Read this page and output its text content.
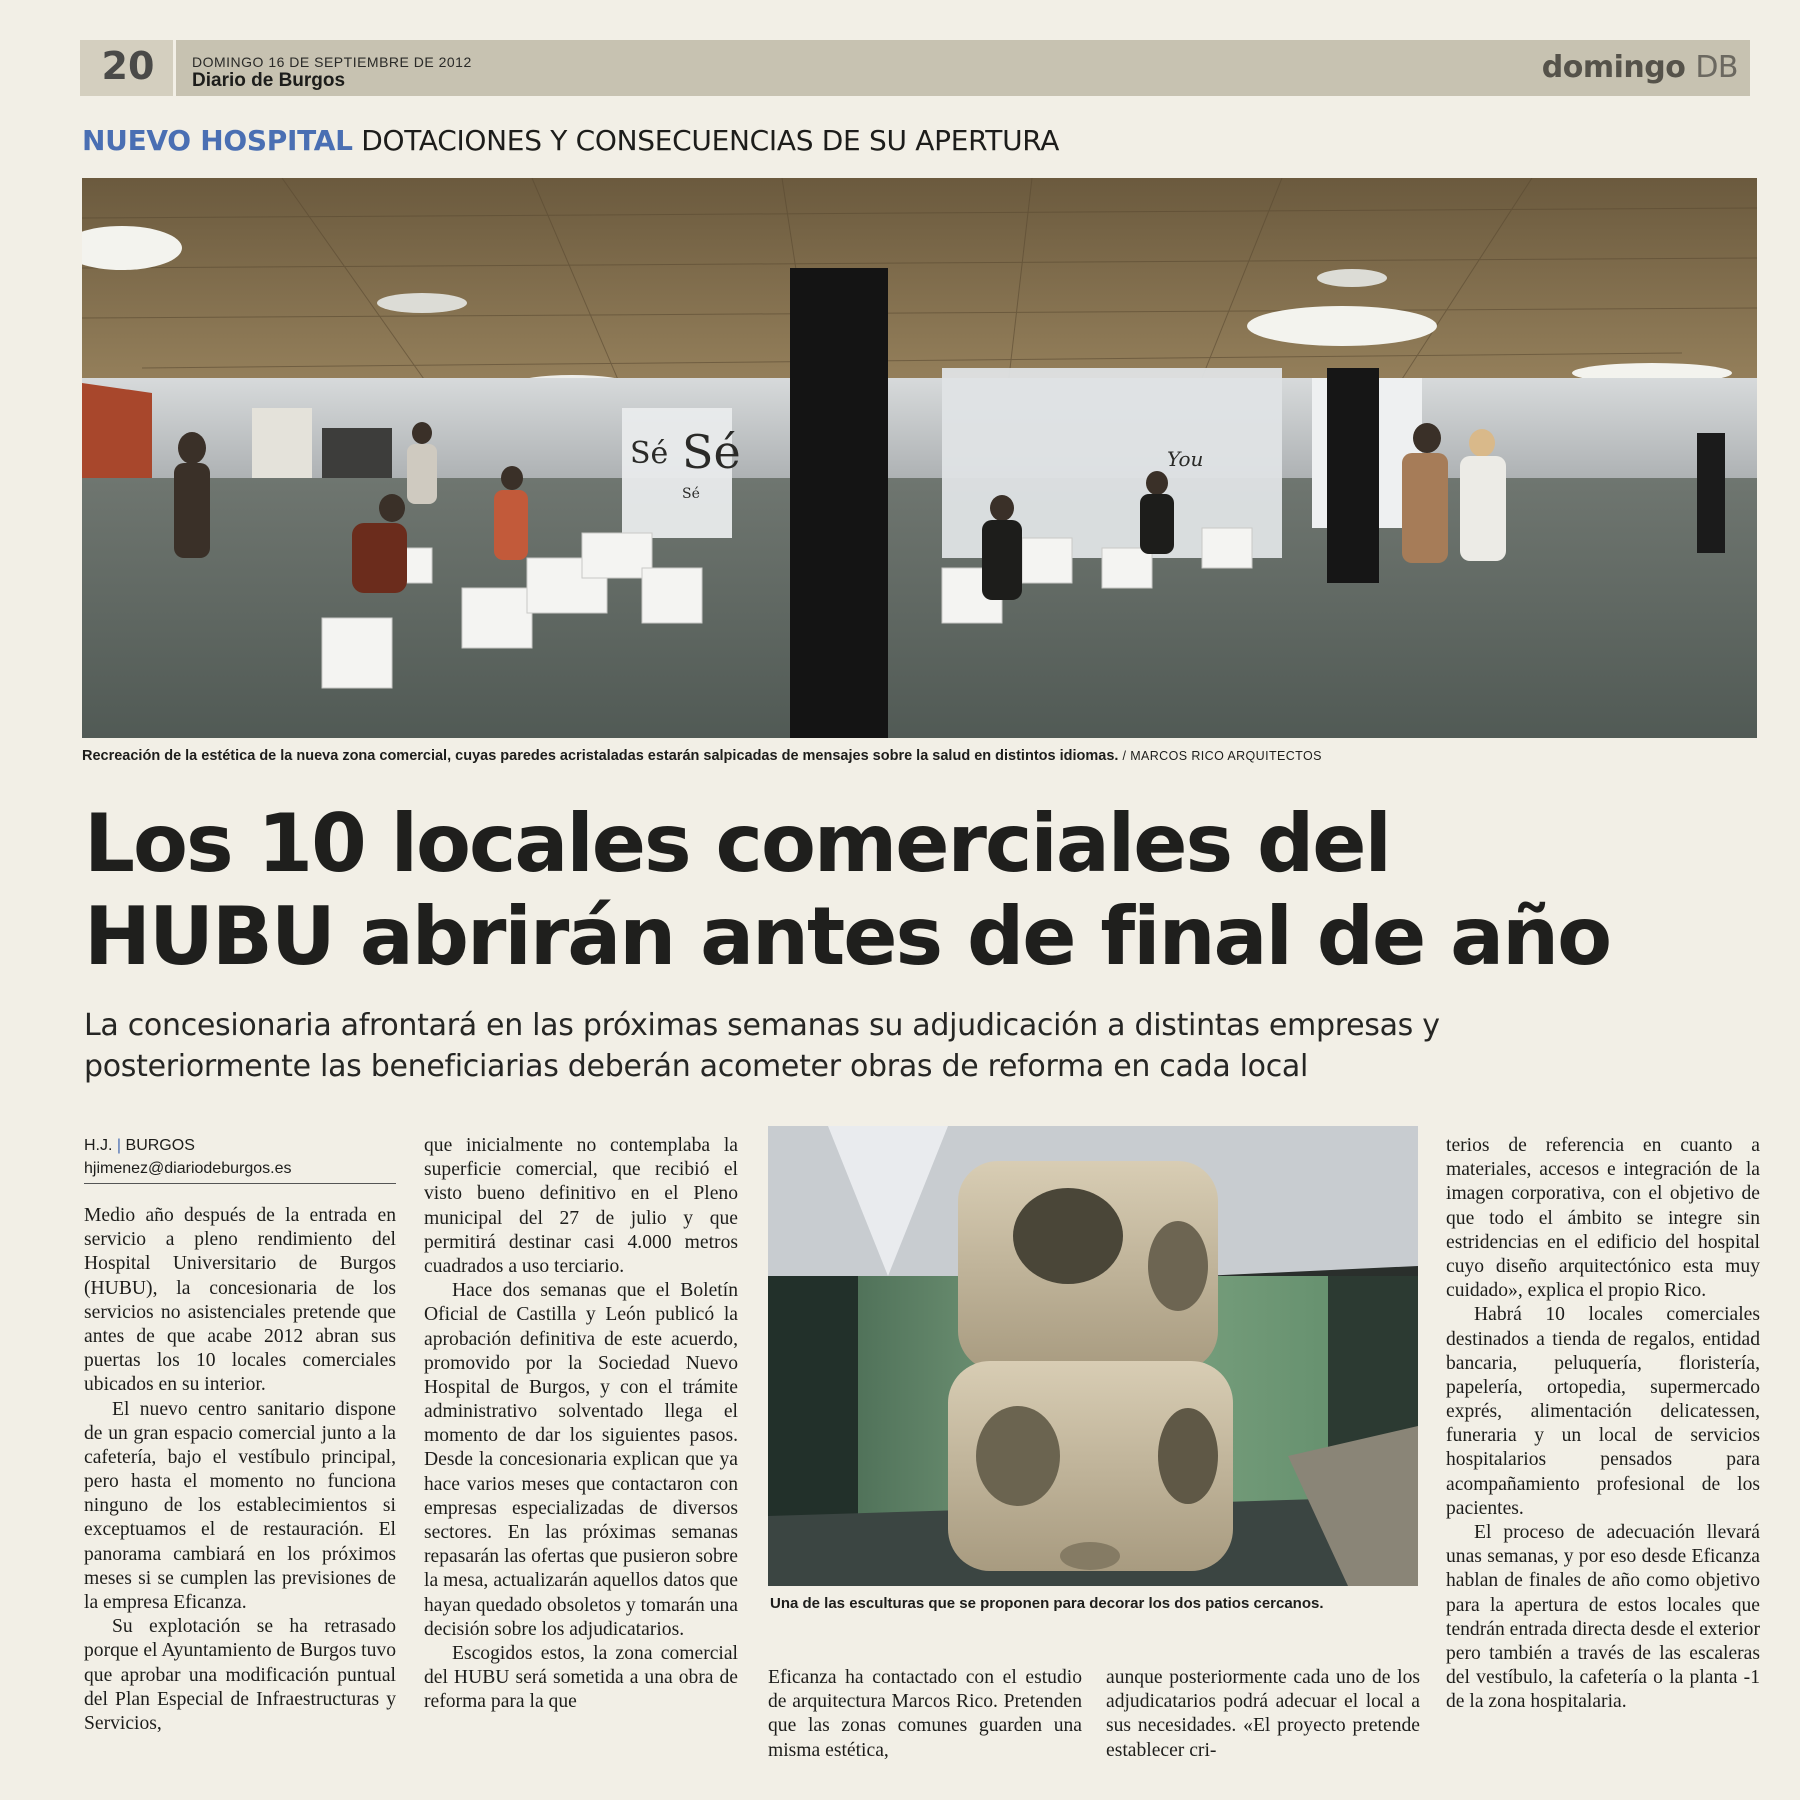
20	DOMINGO 16 DE SEPTIEMBRE DE 2012
Diario de Burgos	domingo DB
NUEVO HOSPITAL DOTACIONES Y CONSECUENCIAS DE SU APERTURA
Sé
Sé
Sé
You
Recreación de la estética de la nueva zona comercial, cuyas paredes acristaladas estarán salpicadas de mensajes sobre la salud en distintos idiomas. / MARCOS RICO ARQUITECTOS
Los 10 locales comerciales del
HUBU abrirán antes de final de año
La concesionaria afrontará en las próximas semanas su adjudicación a distintas empresas y
posteriormente las beneficiarias deberán acometer obras de reforma en cada local
H.J. | BURGOS
hjimenez@diariodeburgos.es

Medio año después de la entrada en servicio a pleno rendimiento del Hospital Universitario de Burgos (HUBU), la concesionaria de los servicios no asistenciales pretende que antes de que acabe 2012 abran sus puertas los 10 locales comerciales ubicados en su interior.

El nuevo centro sanitario dispone de un gran espacio comercial junto a la cafetería, bajo el vestíbulo principal, pero hasta el momento no funciona ninguno de los establecimientos si exceptuamos el de restauración. El panorama cambiará en los próximos meses si se cumplen las previsiones de la empresa Eficanza.

Su explotación se ha retrasado porque el Ayuntamiento de Burgos tuvo que aprobar una modificación puntual del Plan Especial de Infraestructuras y Servicios,

que inicialmente no contemplaba la superficie comercial, que recibió el visto bueno definitivo en el Pleno municipal del 27 de julio y que permitirá destinar casi 4.000 metros cuadrados a uso terciario.

Hace dos semanas que el Boletín Oficial de Castilla y León publicó la aprobación definitiva de este acuerdo, promovido por la Sociedad Nuevo Hospital de Burgos, y con el trámite administrativo solventado llega el momento de dar los siguientes pasos. Desde la concesionaria explican que ya hace varios meses que contactaron con empresas especializadas de diversos sectores. En las próximas semanas repasarán las ofertas que pusieron sobre la mesa, actualizarán aquellos datos que hayan quedado obsoletos y tomarán una decisión sobre los adjudicatarios.

Escogidos estos, la zona comercial del HUBU será sometida a una obra de reforma para la que

Una de las esculturas que se proponen para decorar los dos patios cercanos.

Eficanza ha contactado con el estudio de arquitectura Marcos Rico. Pretenden que las zonas comunes guarden una misma estética,

aunque posteriormente cada uno de los adjudicatarios podrá adecuar el local a sus necesidades. «El proyecto pretende establecer cri-

terios de referencia en cuanto a materiales, accesos e integración de la imagen corporativa, con el objetivo de que todo el ámbito se integre sin estridencias en el edificio del hospital cuyo diseño arquitectónico esta muy cuidado», explica el propio Rico.

Habrá 10 locales comerciales destinados a tienda de regalos, entidad bancaria, peluquería, floristería, papelería, ortopedia, supermercado exprés, alimentación delicatessen, funeraria y un local de servicios hospitalarios pensados para acompañamiento profesional de los pacientes.

El proceso de adecuación llevará unas semanas, y por eso desde Eficanza hablan de finales de año como objetivo para la apertura de estos locales que tendrán entrada directa desde el exterior pero también a través de las escaleras del vestíbulo, la cafetería o la planta -1 de la zona hospitalaria.
